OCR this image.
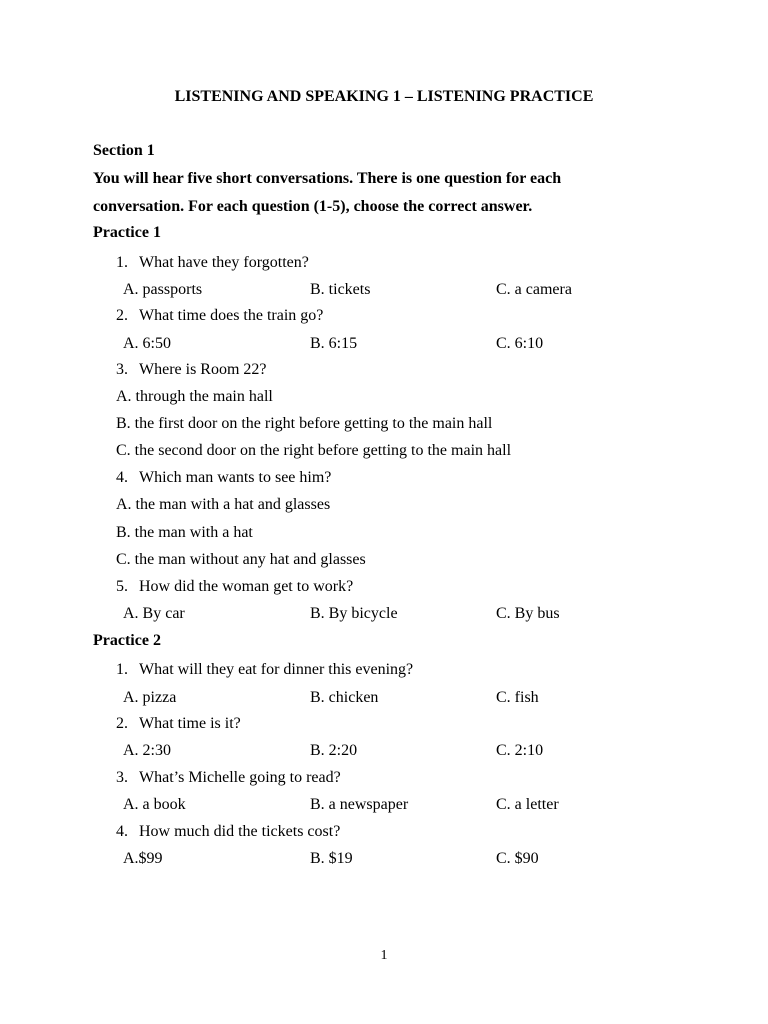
LISTENING AND SPEAKING 1 – LISTENING PRACTICE
Section 1
You will hear five short conversations. There is one question for each
conversation. For each question (1-5), choose the correct answer.
Practice 1
1. What have they forgotten?
A. passports	B. tickets	C. a camera
2. What time does the train go?
A. 6:50	B. 6:15	C. 6:10
3. Where is Room 22?
A. through the main hall
B. the first door on the right before getting to the main hall
C. the second door on the right before getting to the main hall
4. Which man wants to see him?
A. the man with a hat and glasses
B. the man with a hat
C. the man without any hat and glasses
5. How did the woman get to work?
A. By car	B. By bicycle	C. By bus
Practice 2
1. What will they eat for dinner this evening?
A. pizza	B. chicken	C. fish
2. What time is it?
A. 2:30	B. 2:20	C. 2:10
3. What’s Michelle going to read?
A. a book	B. a newspaper	C. a letter
4. How much did the tickets cost?
A.$99	B. $19	C. $90
1
